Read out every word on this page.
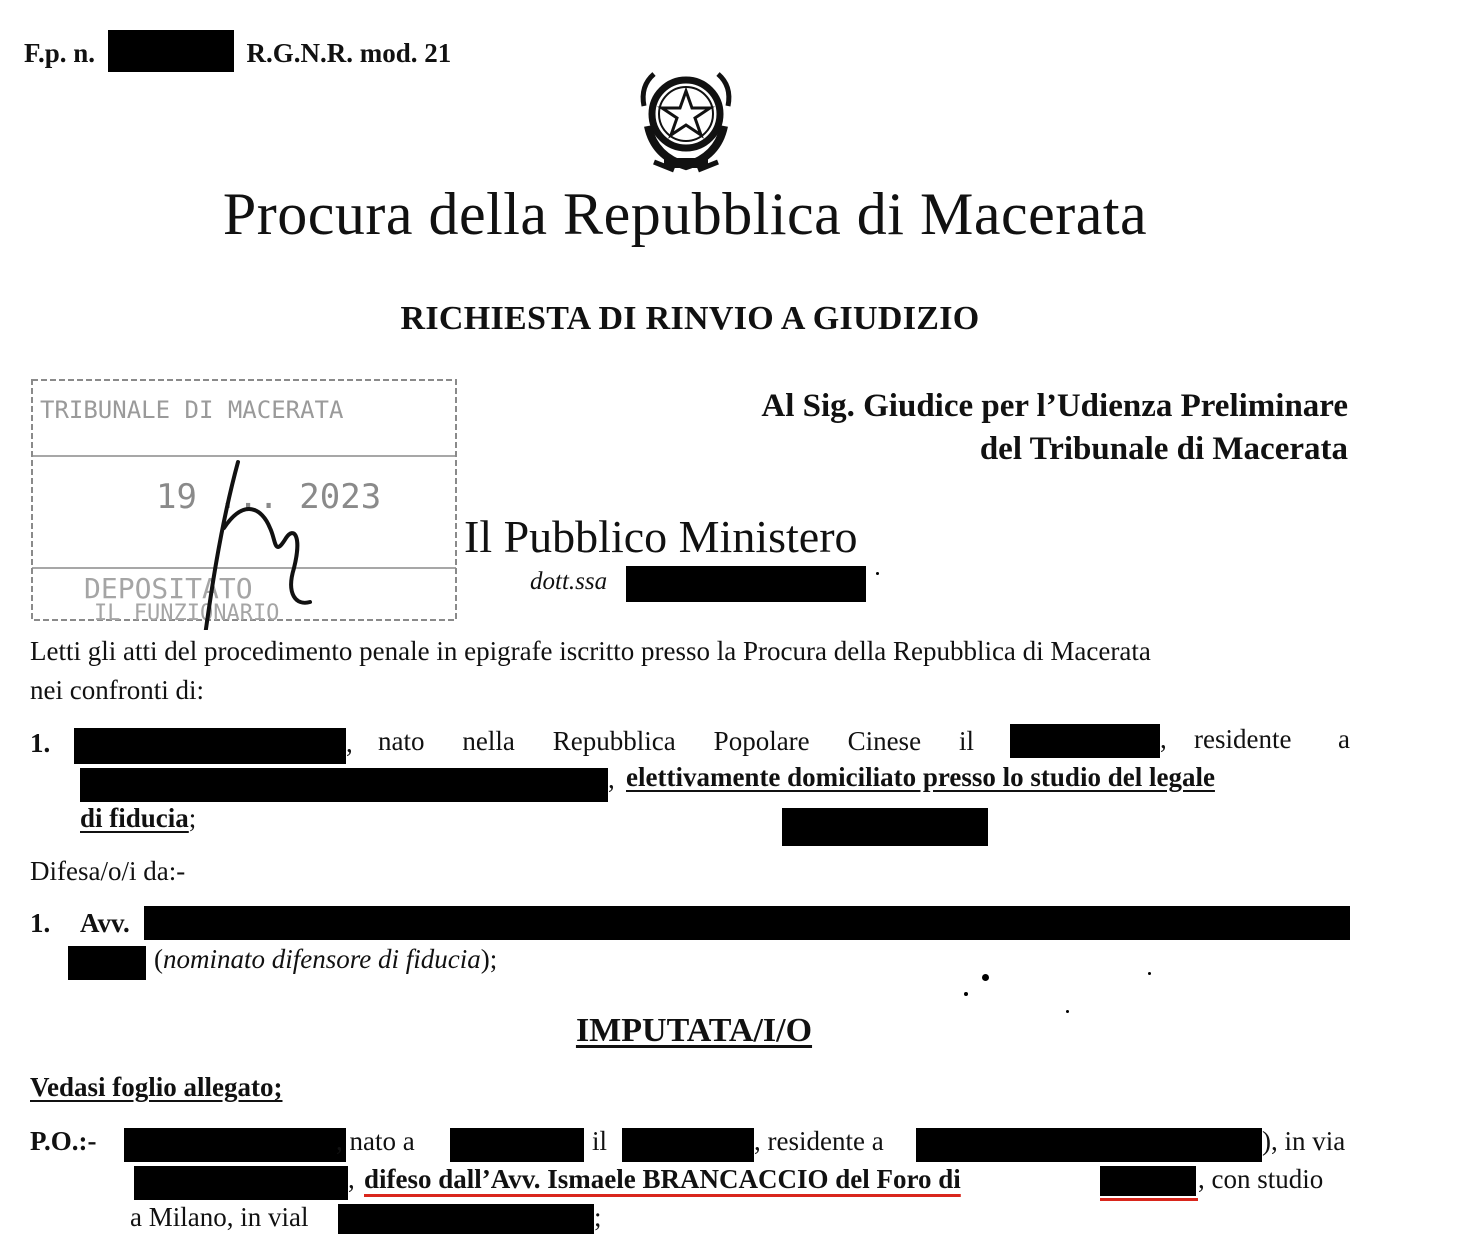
F.p. n.	R.G.N.R. mod. 21
Procura della Repubblica di Macerata
RICHIESTA DI RINVIO A GIUDIZIO
Al Sig. Giudice per l’Udienza Preliminare
del Tribunale di Macerata
TRIBUNALE DI MACERATA
19 ... 2023
DEPOSITATO
IL FUNZIONARIO
Il Pubblico Ministero
dott.ssa
Letti gli atti del procedimento penale in epigrafe iscritto presso la Procura della Repubblica di Macerata
nei confronti di:
1.	, nato nella Repubblica Popolare Cinese il	, residente a
, elettivamente domiciliato presso lo studio del legale
di fiducia;
Difesa/o/i da:-
1. Avv.
(nominato difensore di fiducia);
IMPUTATA/I/O
Vedasi foglio allegato;
P.O.:-	, nato a	il	, residente a	), in via
, difeso dall’Avv. Ismaele BRANCACCIO del Foro di	, con studio
a Milano, in vial	;
